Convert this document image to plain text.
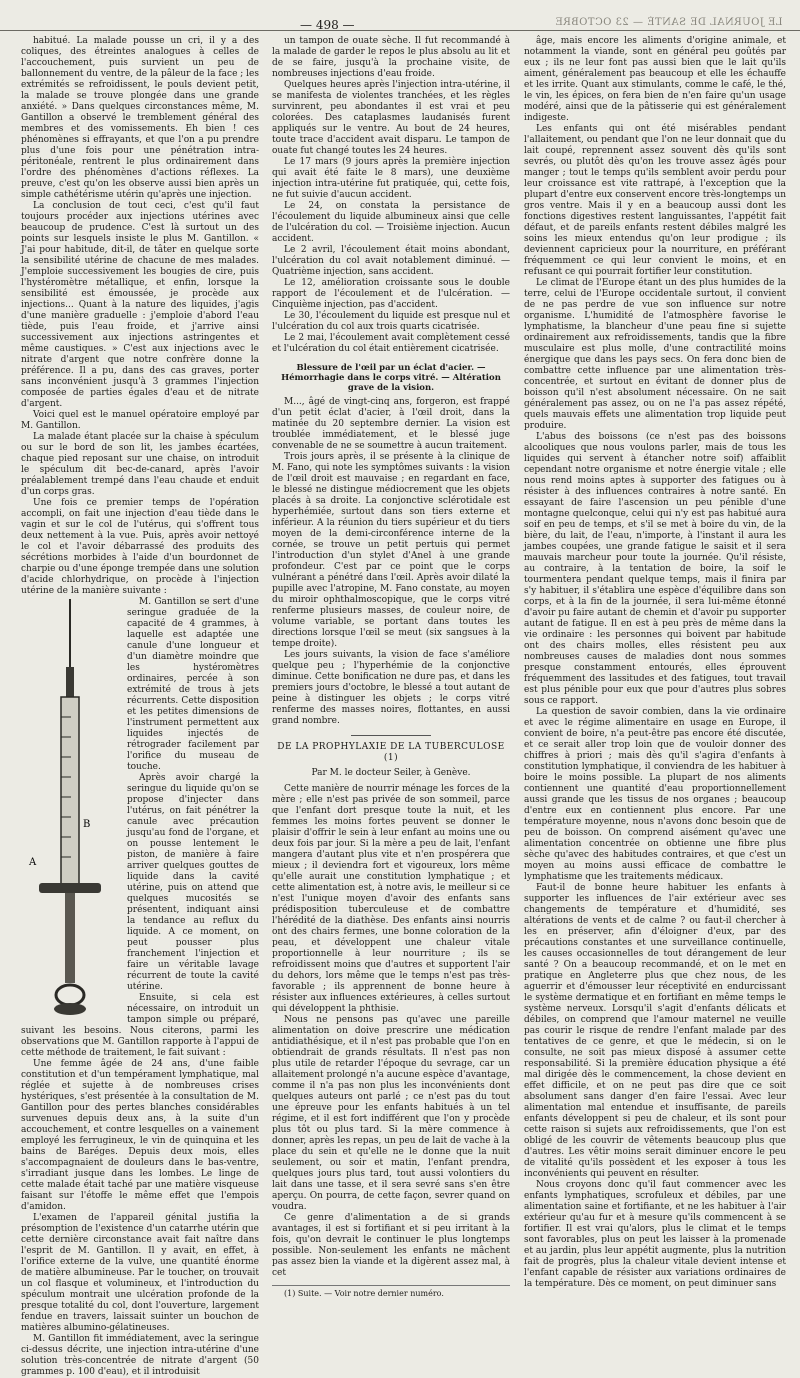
— 498 —	LE JOURNAL DE SANTÉ — 23 OCTOBRE

habitué. La malade pousse un cri, il y a des coliques, des étreintes analogues à celles de l'accouchement, puis survient un peu de ballonnement du ventre, de la pâleur de la face ; les extrémités se refroidissent, le pouls devient petit, la malade se trouve plongée dans une grande anxiété. » Dans quelques circonstances même, M. Gantillon a observé le tremblement général des membres et des vomissements. Eh bien ! ces phénomènes si effrayants, et que l'on a pu prendre plus d'une fois pour une pénétration intra-péritonéale, rentrent le plus ordinairement dans l'ordre des phénomènes d'actions réflexes. La preuve, c'est qu'on les observe aussi bien après un simple cathétérisme utérin qu'après une injection.

La conclusion de tout ceci, c'est qu'il faut toujours procéder aux injections utérines avec beaucoup de prudence. C'est là surtout un des points sur lesquels insiste le plus M. Gantillon. « J'ai pour habitude, dit-il, de tâter en quelque sorte la sensibilité utérine de chacune de mes malades. J'emploie successivement les bougies de cire, puis l'hystéromètre métallique, et enfin, lorsque la sensibilité est émoussée, je procède aux injections... Quant à la nature des liquides, j'agis d'une manière graduelle : j'emploie d'abord l'eau tiède, puis l'eau froide, et j'arrive ainsi successivement aux injections astringentes et même caustiques. » C'est aux injections avec le nitrate d'argent que notre confrère donne la préférence. Il a pu, dans des cas graves, porter sans inconvénient jusqu'à 3 grammes l'injection composée de parties égales d'eau et de nitrate d'argent.

Voici quel est le manuel opératoire employé par M. Gantillon.

La malade étant placée sur la chaise à spéculum ou sur le bord de son lit, les jambes écartées, chaque pied reposant sur une chaise, on introduit le spéculum dit bec-de-canard, après l'avoir préalablement trempé dans l'eau chaude et enduit d'un corps gras.

Une fois ce premier temps de l'opération accompli, on fait une injection d'eau tiède dans le vagin et sur le col de l'utérus, qui s'offrent tous deux nettement à la vue. Puis, après avoir nettoyé le col et l'avoir débarrassé des produits des sécrétions morbides à l'aide d'un bourdonnet de charpie ou d'une éponge trempée dans une solution d'acide chlorhydrique, on procède à l'injection utérine de la manière suivante :

A
B

M. Gantillon se sert d'une seringue graduée de la capacité de 4 grammes, à laquelle est adaptée une canule d'une longueur et d'un diamètre moindre que les hystéromètres ordinaires, percée à son extrémité de trous à jets récurrents. Cette disposition et les petites dimensions de l'instrument permettent aux liquides injectés de rétrograder facilement par l'orifice du museau de touche.

Après avoir chargé la seringue du liquide qu'on se propose d'injecter dans l'utérus, on fait pénétrer la canule avec précaution jusqu'au fond de l'organe, et on pousse lentement le piston, de manière à faire arriver quelques gouttes de liquide dans la cavité utérine, puis on attend que quelques mucosités se présentent, indiquant ainsi la tendance au reflux du liquide. A ce moment, on peut pousser plus franchement l'injection et faire un véritable lavage récurrent de toute la cavité utérine.

Ensuite, si cela est nécessaire, on introduit un tampon simple ou préparé, suivant les besoins. Nous citerons, parmi les observations que M. Gantillon rapporte à l'appui de cette méthode de traitement, le fait suivant :

Une femme âgée de 24 ans, d'une faible constitution et d'un tempérament lymphatique, mal réglée et sujette à de nombreuses crises hystériques, s'est présentée à la consultation de M. Gantillon pour des pertes blanches considérables survenues depuis deux ans, à la suite d'un accouchement, et contre lesquelles on a vainement employé les ferrugineux, le vin de quinquina et les bains de Baréges. Depuis deux mois, elles s'accompagnaient de douleurs dans le bas-ventre, s'irradiant jusque dans les lombes. Le linge de cette malade était taché par une matière visqueuse faisant sur l'étoffe le même effet que l'empois d'amidon.

L'examen de l'appareil génital justifia la présomption de l'existence d'un catarrhe utérin que cette dernière circonstance avait fait naître dans l'esprit de M. Gantillon. Il y avait, en effet, à l'orifice externe de la vulve, une quantité énorme de matière albumineuse. Par le toucher, on trouvait un col flasque et volumineux, et l'introduction du spéculum montrait une ulcération profonde de la presque totalité du col, dont l'ouverture, largement fendue en travers, laissait suinter un bouchon de matières albumino-gélatineuses.

M. Gantillon fit immédiatement, avec la seringue ci-dessus décrite, une injection intra-utérine d'une solution très-concentrée de nitrate d'argent (50 grammes p. 100 d'eau), et il introduisit

un tampon de ouate sèche. Il fut recommandé à la malade de garder le repos le plus absolu au lit et de se faire, jusqu'à la prochaine visite, de nombreuses injections d'eau froide.

Quelques heures après l'injection intra-utérine, il se manifesta de violentes tranchées, et les règles survinrent, peu abondantes il est vrai et peu colorées. Des cataplasmes laudanisés furent appliqués sur le ventre. Au bout de 24 heures, toute trace d'accident avait disparu. Le tampon de ouate fut changé toutes les 24 heures.

Le 17 mars (9 jours après la première injection qui avait été faite le 8 mars), une deuxième injection intra-utérine fut pratiquée, qui, cette fois, ne fut suivie d'aucun accident.

Le 24, on constata la persistance de l'écoulement du liquide albumineux ainsi que celle de l'ulcération du col. — Troisième injection. Aucun accident.

Le 2 avril, l'écoulement était moins abondant, l'ulcération du col avait notablement diminué. — Quatrième injection, sans accident.

Le 12, amélioration croissante sous le double rapport de l'écoulement et de l'ulcération. — Cinquième injection, pas d'accident.

Le 30, l'écoulement du liquide est presque nul et l'ulcération du col aux trois quarts cicatrisée.

Le 2 mai, l'écoulement avait complètement cessé et l'ulcération du col était entièrement cicatrisée.

Blessure de l'œil par un éclat d'acier. — Hémorrhagie dans le corps vitré. — Altération grave de la vision.

M..., âgé de vingt-cinq ans, forgeron, est frappé d'un petit éclat d'acier, à l'œil droit, dans la matinée du 20 septembre dernier. La vision est troublée immédiatement, et le blessé juge convenable de ne se soumettre à aucun traitement.

Trois jours après, il se présente à la clinique de M. Fano, qui note les symptômes suivants : la vision de l'œil droit est mauvaise ; en regardant en face, le blessé ne distingue médiocrement que les objets placés à sa droite. La conjonctive sclérotidale est hyperhémiée, surtout dans son tiers externe et inférieur. A la réunion du tiers supérieur et du tiers moyen de la demi-circonférence interne de la cornée, se trouve un petit pertuis qui permet l'introduction d'un stylet d'Anel à une grande profondeur. C'est par ce point que le corps vulnérant a pénétré dans l'œil. Après avoir dilaté la pupille avec l'atropine, M. Fano constate, au moyen du miroir ophthalmoscopique, que le corps vitré renferme plusieurs masses, de couleur noire, de volume variable, se portant dans toutes les directions lorsque l'œil se meut (six sangsues à la tempe droite).

Les jours suivants, la vision de face s'améliore quelque peu ; l'hyperhémie de la conjonctive diminue. Cette bonification ne dure pas, et dans les premiers jours d'octobre, le blessé a tout autant de peine à distinguer les objets ; le corps vitré renferme des masses noires, flottantes, en aussi grand nombre.

DE LA PROPHYLAXIE DE LA TUBERCULOSE (1)

Par M. le docteur Seiler, à Genève.

Cette manière de nourrir ménage les forces de la mère ; elle n'est pas privée de son sommeil, parce que l'enfant dort presque toute la nuit, et les femmes les moins fortes peuvent se donner le plaisir d'offrir le sein à leur enfant au moins une ou deux fois par jour. Si la mère a peu de lait, l'enfant mangera d'autant plus vite et n'en prospérera que mieux ; il deviendra fort et vigoureux, lors même qu'elle aurait une constitution lymphatique ; et cette alimentation est, à notre avis, le meilleur si ce n'est l'unique moyen d'avoir des enfants sans prédisposition tuberculeuse et de combattre l'hérédité de la diathèse. Des enfants ainsi nourris ont des chairs fermes, une bonne coloration de la peau, et développent une chaleur vitale proportionnelle à leur nourriture ; ils se refroidissent moins que d'autres et supportent l'air du dehors, lors même que le temps n'est pas très-favorable ; ils apprennent de bonne heure à résister aux influences extérieures, à celles surtout qui développent la phthisie.

Nous ne pensons pas qu'avec une pareille alimentation on doive prescrire une médication antidiathésique, et il n'est pas probable que l'on en obtiendrait de grands résultats. Il n'est pas non plus utile de retarder l'époque du sevrage, car un allaitement prolongé n'a aucune espèce d'avantage, comme il n'a pas non plus les inconvénients dont quelques auteurs ont parlé ; ce n'est pas du tout une épreuve pour les enfants habitués à un tel régime, et il est fort indifférent que l'on y procède plus tôt ou plus tard. Si la mère commence à donner, après les repas, un peu de lait de vache à la place du sein et qu'elle ne le donne que la nuit seulement, ou soir et matin, l'enfant prendra, quelques jours plus tard, tout aussi volontiers du lait dans une tasse, et il sera sevré sans s'en être aperçu. On pourra, de cette façon, sevrer quand on voudra.

Ce genre d'alimentation a de si grands avantages, il est si fortifiant et si peu irritant à la fois, qu'on devrait le continuer le plus longtemps possible. Non-seulement les enfants ne mâchent pas assez bien la viande et la digèrent assez mal, à cet

(1) Suite. — Voir notre dernier numéro.

âge, mais encore les aliments d'origine animale, et notamment la viande, sont en général peu goûtés par eux ; ils ne leur font pas aussi bien que le lait qu'ils aiment, généralement pas beaucoup et elle les échauffe et les irrite. Quant aux stimulants, comme le café, le thé, le vin, les épices, on fera bien de n'en faire qu'un usage modéré, ainsi que de la pâtisserie qui est généralement indigeste.

Les enfants qui ont été misérables pendant l'allaitement, ou pendant que l'on ne leur donnait que du lait coupé, reprennent assez souvent dès qu'ils sont sevrés, ou plutôt dès qu'on les trouve assez âgés pour manger ; tout le temps qu'ils semblent avoir perdu pour leur croissance est vite rattrapé, à l'exception que la plupart d'entre eux conservent encore très-longtemps un gros ventre. Mais il y en a beaucoup aussi dont les fonctions digestives restent languissantes, l'appétit fait défaut, et de pareils enfants restent débiles malgré les soins les mieux entendus qu'on leur prodigue ; ils deviennent capricieux pour la nourriture, en préférant fréquemment ce qui leur convient le moins, et en refusant ce qui pourrait fortifier leur constitution.

Le climat de l'Europe étant un des plus humides de la terre, celui de l'Europe occidentale surtout, il convient de ne pas perdre de vue son influence sur notre organisme. L'humidité de l'atmosphère favorise le lymphatisme, la blancheur d'une peau fine si sujette ordinairement aux refroidissements, tandis que la fibre musculaire est plus molle, d'une contractilité moins énergique que dans les pays secs. On fera donc bien de combattre cette influence par une alimentation très-concentrée, et surtout en évitant de donner plus de boisson qu'il n'est absolument nécessaire. On ne sait généralement pas assez, ou on ne l'a pas assez répété, quels mauvais effets une alimentation trop liquide peut produire.

L'abus des boissons (ce n'est pas des boissons alcooliques que nous voulons parler, mais de tous les liquides qui servent à étancher notre soif) affaiblit cependant notre organisme et notre énergie vitale ; elle nous rend moins aptes à supporter des fatigues ou à résister à des influences contraires à notre santé. En essayant de faire l'ascension un peu pénible d'une montagne quelconque, celui qui n'y est pas habitué aura soif en peu de temps, et s'il se met à boire du vin, de la bière, du lait, de l'eau, n'importe, à l'instant il aura les jambes coupées, une grande fatigue le saisit et il sera mauvais marcheur pour toute la journée. Qu'il résiste, au contraire, à la tentation de boire, la soif le tourmentera pendant quelque temps, mais il finira par s'y habituer, il s'établira une espèce d'équilibre dans son corps, et à la fin de la journée, il sera lui-même étonné d'avoir pu faire autant de chemin et d'avoir pu supporter autant de fatigue. Il en est à peu près de même dans la vie ordinaire : les personnes qui boivent par habitude ont des chairs molles, elles résistent peu aux nombreuses causes de maladies dont nous sommes presque constamment entourés, elles éprouvent fréquemment des lassitudes et des fatigues, tout travail est plus pénible pour eux que pour d'autres plus sobres sous ce rapport.

La question de savoir combien, dans la vie ordinaire et avec le régime alimentaire en usage en Europe, il convient de boire, n'a peut-être pas encore été discutée, et ce serait aller trop loin que de vouloir donner des chiffres à priori ; mais dès qu'il s'agira d'enfants à constitution lymphatique, il conviendra de les habituer à boire le moins possible. La plupart de nos aliments contiennent une quantité d'eau proportionnellement aussi grande que les tissus de nos organes ; beaucoup d'entre eux en contiennent plus encore. Par une température moyenne, nous n'avons donc besoin que de peu de boisson. On comprend aisément qu'avec une alimentation concentrée on obtienne une fibre plus sèche qu'avec des habitudes contraires, et que c'est un moyen au moins aussi efficace de combattre le lymphatisme que les traitements médicaux.

Faut-il de bonne heure habituer les enfants à supporter les influences de l'air extérieur avec ses changements de température et d'humidité, ses altérations de vents et de calme ? ou faut-il chercher à les en préserver, afin d'éloigner d'eux, par des précautions constantes et une surveillance continuelle, les causes occasionnelles de tout dérangement de leur santé ? On a beaucoup recommandé, et on le met en pratique en Angleterre plus que chez nous, de les aguerrir et d'émousser leur réceptivité en endurcissant le système dermatique et en fortifiant en même temps le système nerveux. Lorsqu'il s'agit d'enfants délicats et débiles, on comprend que l'amour maternel ne veuille pas courir le risque de rendre l'enfant malade par des tentatives de ce genre, et que le médecin, si on le consulte, ne soit pas mieux disposé à assumer cette responsabilité. Si la première éducation physique a été mal dirigée dès le commencement, la chose devient en effet difficile, et on ne peut pas dire que ce soit absolument sans danger d'en faire l'essai. Avec leur alimentation mal entendue et insuffisante, de pareils enfants développent si peu de chaleur, et ils sont pour cette raison si sujets aux refroidissements, que l'on est obligé de les couvrir de vêtements beaucoup plus que d'autres. Les vêtir moins serait diminuer encore le peu de vitalité qu'ils possèdent et les exposer à tous les inconvénients qui peuvent en résulter.

Nous croyons donc qu'il faut commencer avec les enfants lymphatiques, scrofuleux et débiles, par une alimentation saine et fortifiante, et ne les habituer à l'air extérieur qu'au fur et à mesure qu'ils commencent à se fortifier. Il est vrai qu'alors, plus le climat et le temps sont favorables, plus on peut les laisser à la promenade et au jardin, plus leur appétit augmente, plus la nutrition fait de progrès, plus la chaleur vitale devient intense et l'enfant capable de résister aux variations ordinaires de la température. Dès ce moment, on peut diminuer sans
